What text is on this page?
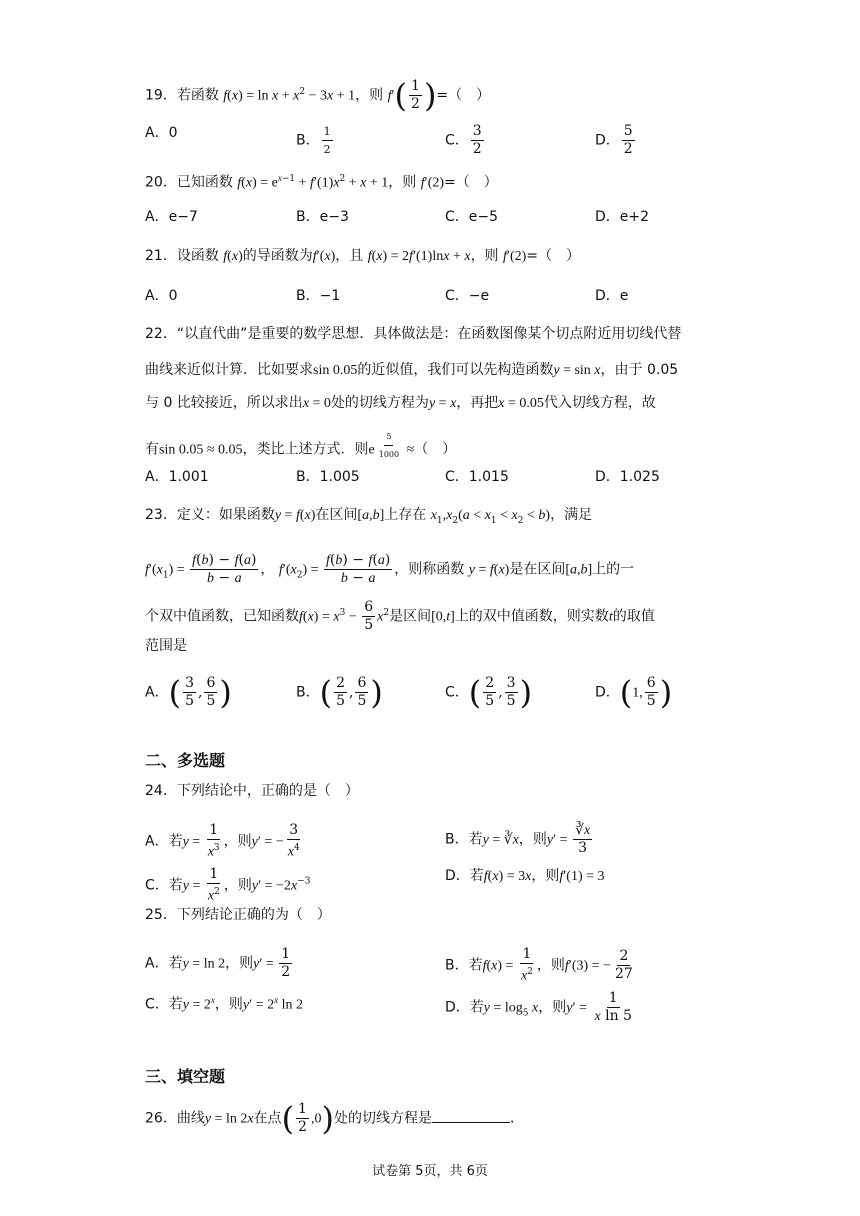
19．若函数 $f(x) = \ln x + x^2 - 3x + 1$，则 $f'( \frac{1}{2}$ )=（　）
A．0	B． $\frac{1}{2}$	C． $\frac{3}{2}$	D． $\frac{5}{2}$
20．已知函数 $f(x) = e^{x-1} + f'(1)x^2 + x + 1$，则 f′(2)=（　）
A．e−7	B．e−3	C．e−5	D．e+2
21．设函数 f(x)的导函数为f′(x)，且 f(x) = 2f′(1)lnx + x，则 f′(2)=（　）
A．0	B．−1	C．−e	D．e
22．“以直代曲”是重要的数学思想．具体做法是：在函数图像某个切点附近用切线代替
曲线来近似计算．比如要求sin 0.05的近似值，我们可以先构造函数y = sin x，由于 0.05
与 0 比较接近，所以求出x = 0处的切线方程为y = x，再把x = 0.05代入切线方程，故
有sin 0.05 ≈ 0.05，类比上述方式．则e $^{\frac{5}{1000}}$ ≈（　）
A．1.001	B．1.005	C．1.015	D．1.025
23．定义：如果函数y = f(x)在区间[a,b]上存在 $x_1,x_2(a < x_1 < x_2 < b)$，满足
$f'(x_1) = \frac{f(b) - f(a)}{b - a}$ ， $f'(x_2) = \frac{f(b) - f(a)}{b - a}$ ，则称函数 y = f(x)是在区间[a,b]上的一
个双中值函数，已知函数$f(x) = x^3 - \frac{6}{5} x^2$是区间[0,t]上的双中值函数，则实数t的取值
范围是
A．( $\frac{3}{5}$ , $\frac{6}{5}$ )	B．( $\frac{2}{5}$ , $\frac{6}{5}$ )	C．( $\frac{2}{5}$ , $\frac{3}{5}$ )	D．(1, $\frac{6}{5}$ )
二、多选题
24．下列结论中，正确的是（　）
A．若$y = \frac{1}{x^3}$ ，则y′ = − $\frac{3}{x^4}$	B．若y = ∛x，则$y' = \frac{∛x}{3}$
C．若$y = \frac{1}{x^2}$ ，则$y' = -2x^{-3}$	D．若f(x) = 3x，则f′(1) = 3
25．下列结论正确的为（　）
A．若y = ln 2，则$y' = \frac{1}{2}$	B．若$f(x) = \frac{1}{x^2}$ ，则f′(3) = − $\frac{2}{27}$
C．若$y = 2^x$，则$y' = 2^x$ ln 2	D．若$y = \log_5 x$，则$y' = \frac{1}{\text{x ln 5}}$
三、填空题
26．曲线y = ln 2x在点( $\frac{1}{2} ,0$)处的切线方程是	．
试卷第 5页，共 6页
